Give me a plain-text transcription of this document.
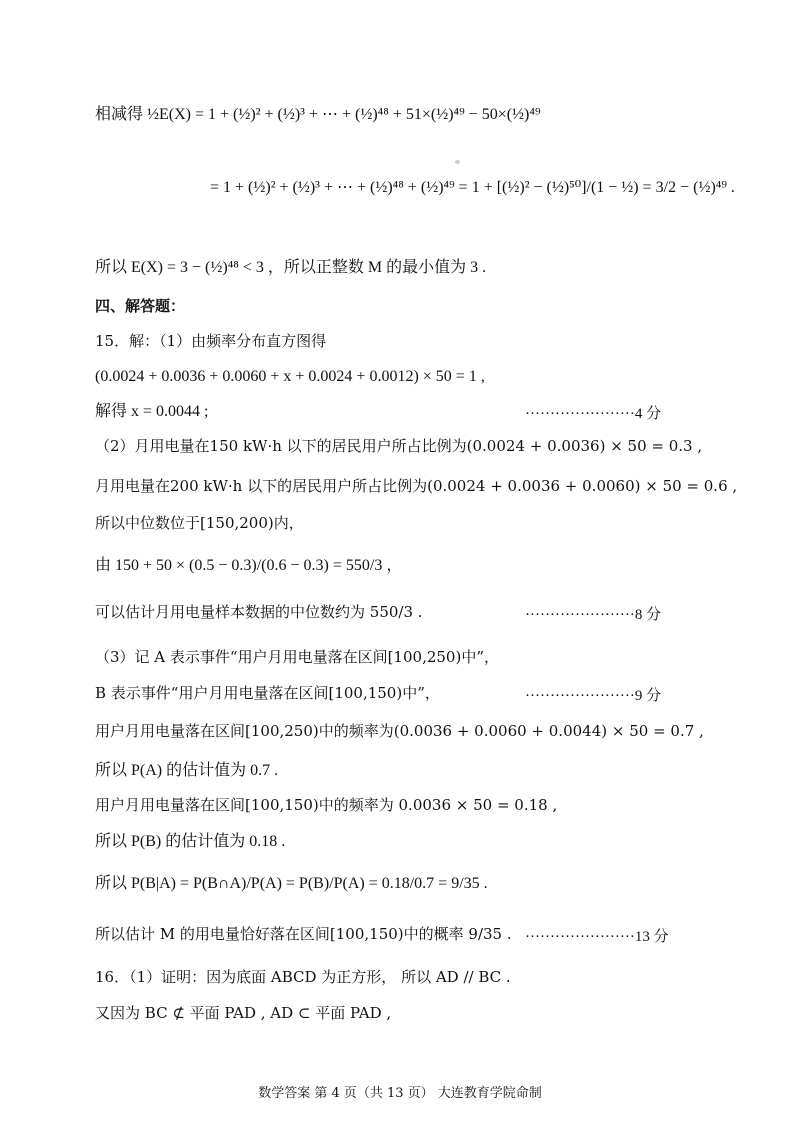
相减得 ½E(X) = 1 + (½)² + (½)³ + ⋯ + (½)⁴⁸ + 51×(½)⁴⁹ − 50×(½)⁴⁹
= 1 + (½)² + (½)³ + ⋯ + (½)⁴⁸ + (½)⁴⁹ = 1 + [(½)² − (½)⁵⁰]/(1 − ½) = 3/2 − (½)⁴⁹ .
所以 E(X) = 3 − (½)⁴⁸ < 3 ，所以正整数 M 的最小值为 3 .
四、解答题：
15．解：（1）由频率分布直方图得
(0.0024 + 0.0036 + 0.0060 + x + 0.0024 + 0.0012) × 50 = 1 ,
解得 x = 0.0044 ;	······················4 分
（2）月用电量在150 kW·h 以下的居民用户所占比例为(0.0024 + 0.0036) × 50 = 0.3 ,
月用电量在200 kW·h 以下的居民用户所占比例为(0.0024 + 0.0036 + 0.0060) × 50 = 0.6 ,
所以中位数位于[150,200)内，
由 150 + 50 × (0.5 − 0.3)/(0.6 − 0.3) = 550/3 ，
可以估计月用电量样本数据的中位数约为 550/3 .	······················8 分
（3）记 A 表示事件“用户月用电量落在区间[100,250)中”，
B 表示事件“用户月用电量落在区间[100,150)中”，	······················9 分
用户月用电量落在区间[100,250)中的频率为(0.0036 + 0.0060 + 0.0044) × 50 = 0.7 ,
所以 P(A) 的估计值为 0.7 .
用户月用电量落在区间[100,150)中的频率为 0.0036 × 50 = 0.18 ,
所以 P(B) 的估计值为 0.18 .
所以 P(B|A) = P(B∩A)/P(A) = P(B)/P(A) = 0.18/0.7 = 9/35 .
所以估计 M 的用电量恰好落在区间[100,150)中的概率 9/35 . ······················13 分
16．（1）证明：因为底面 ABCD 为正方形， 所以 AD // BC .
又因为 BC ⊄ 平面 PAD , AD ⊂ 平面 PAD ,
数学答案 第 4 页（共 13 页） 大连教育学院命制
